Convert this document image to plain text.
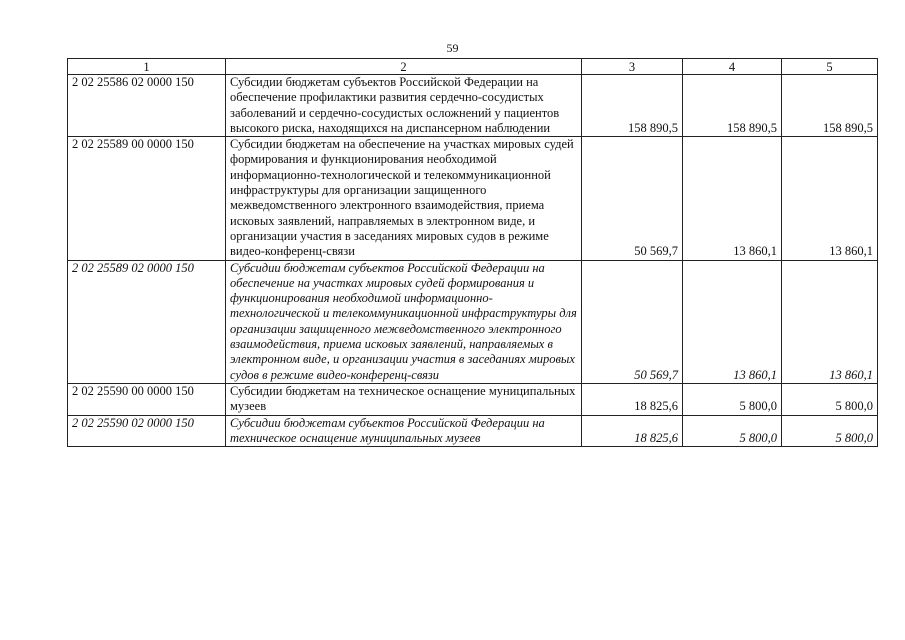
59
1	2	3	4	5
2 02 25586 02 0000 150	Субсидии бюджетам субъектов Российской Федерации на обеспечение профилактики развития сердечно-сосудистых заболеваний и сердечно-сосудистых осложнений у пациентов высокого риска, находящихся на диспансерном наблюдении	158 890,5	158 890,5	158 890,5
2 02 25589 00 0000 150	Субсидии бюджетам на обеспечение на участках мировых судей формирования и функционирования необходимой информационно-технологической и телекоммуникационной инфраструктуры для организации защищенного межведомственного электронного взаимодействия, приема исковых заявлений, направляемых в электронном виде, и организации участия в заседаниях мировых судов в режиме видео-конференц-связи	50 569,7	13 860,1	13 860,1
2 02 25589 02 0000 150	Субсидии бюджетам субъектов Российской Федерации на обеспечение на участках мировых судей формирования и функционирования необходимой информационно-технологической и телекоммуникационной инфраструктуры для организации защищенного межведомственного электронного взаимодействия, приема исковых заявлений, направляемых в электронном виде, и организации участия в заседаниях мировых судов в режиме видео-конференц-связи	50 569,7	13 860,1	13 860,1
2 02 25590 00 0000 150	Субсидии бюджетам на техническое оснащение муниципальных музеев	18 825,6	5 800,0	5 800,0
2 02 25590 02 0000 150	Субсидии бюджетам субъектов Российской Федерации на техническое оснащение муниципальных музеев	18 825,6	5 800,0	5 800,0
